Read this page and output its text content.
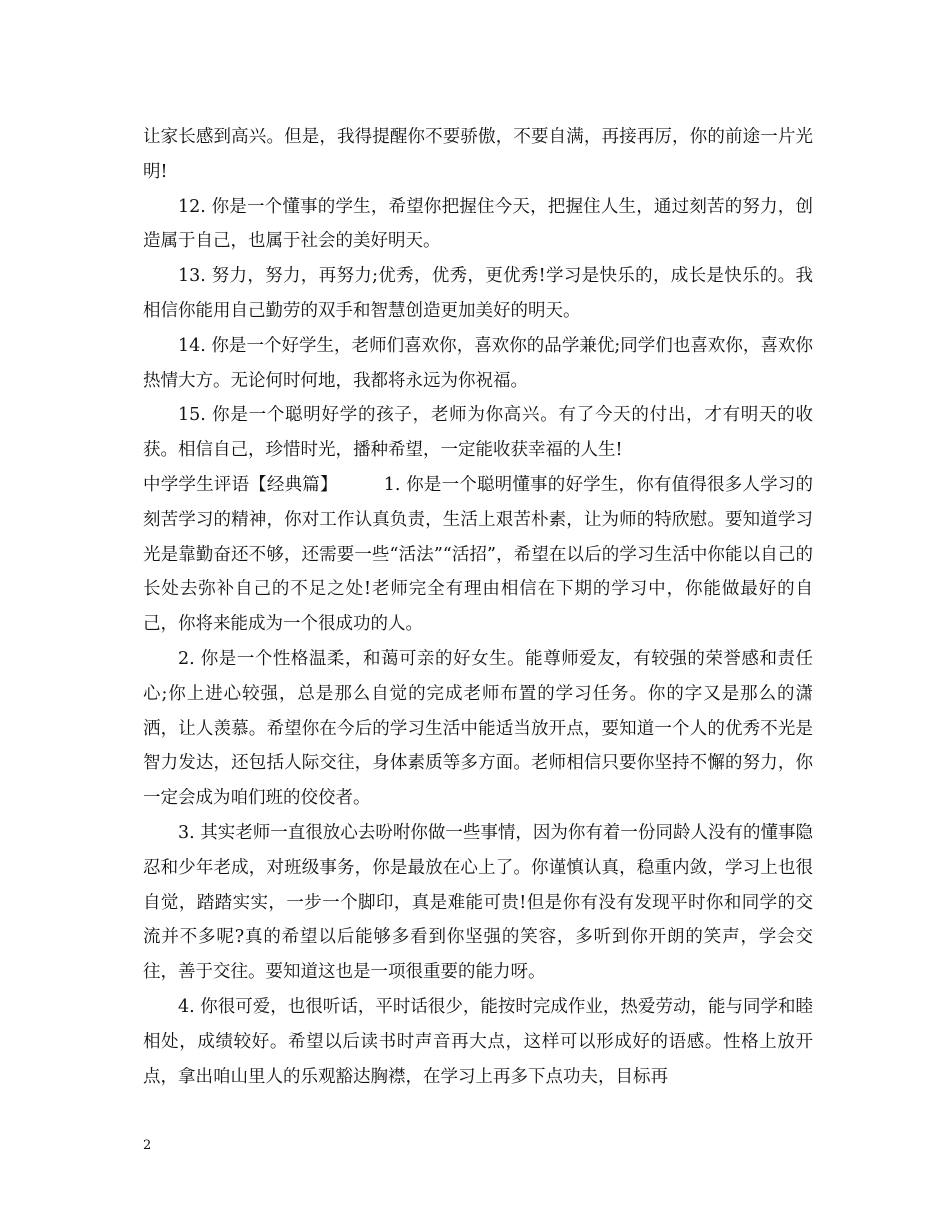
让家长感到高兴。但是，我得提醒你不要骄傲，不要自满，再接再厉，你的前途一片光明!

12. 你是一个懂事的学生，希望你把握住今天，把握住人生，通过刻苦的努力，创造属于自己，也属于社会的美好明天。

13. 努力，努力，再努力;优秀，优秀，更优秀!学习是快乐的，成长是快乐的。我相信你能用自己勤劳的双手和智慧创造更加美好的明天。

14. 你是一个好学生，老师们喜欢你，喜欢你的品学兼优;同学们也喜欢你，喜欢你热情大方。无论何时何地，我都将永远为你祝福。

15. 你是一个聪明好学的孩子，老师为你高兴。有了今天的付出，才有明天的收获。相信自己，珍惜时光，播种希望，一定能收获幸福的人生!

中学学生评语【经典篇】	1. 你是一个聪明懂事的好学生，你有值得很多人学习的刻苦学习的精神，你对工作认真负责，生活上艰苦朴素，让为师的特欣慰。要知道学习光是靠勤奋还不够，还需要一些“活法”“活招”，希望在以后的学习生活中你能以自己的长处去弥补自己的不足之处!老师完全有理由相信在下期的学习中，你能做最好的自己，你将来能成为一个很成功的人。

2. 你是一个性格温柔，和蔼可亲的好女生。能尊师爱友，有较强的荣誉感和责任心;你上进心较强，总是那么自觉的完成老师布置的学习任务。你的字又是那么的潇洒，让人羡慕。希望你在今后的学习生活中能适当放开点，要知道一个人的优秀不光是智力发达，还包括人际交往，身体素质等多方面。老师相信只要你坚持不懈的努力，你一定会成为咱们班的佼佼者。

3. 其实老师一直很放心去吩咐你做一些事情，因为你有着一份同龄人没有的懂事隐忍和少年老成，对班级事务，你是最放在心上了。你谨慎认真，稳重内敛，学习上也很自觉，踏踏实实，一步一个脚印，真是难能可贵!但是你有没有发现平时你和同学的交流并不多呢?真的希望以后能够多看到你坚强的笑容，多听到你开朗的笑声，学会交往，善于交往。要知道这也是一项很重要的能力呀。

4. 你很可爱，也很听话，平时话很少，能按时完成作业，热爱劳动，能与同学和睦相处，成绩较好。希望以后读书时声音再大点，这样可以形成好的语感。性格上放开点，拿出咱山里人的乐观豁达胸襟，在学习上再多下点功夫，目标再

2
